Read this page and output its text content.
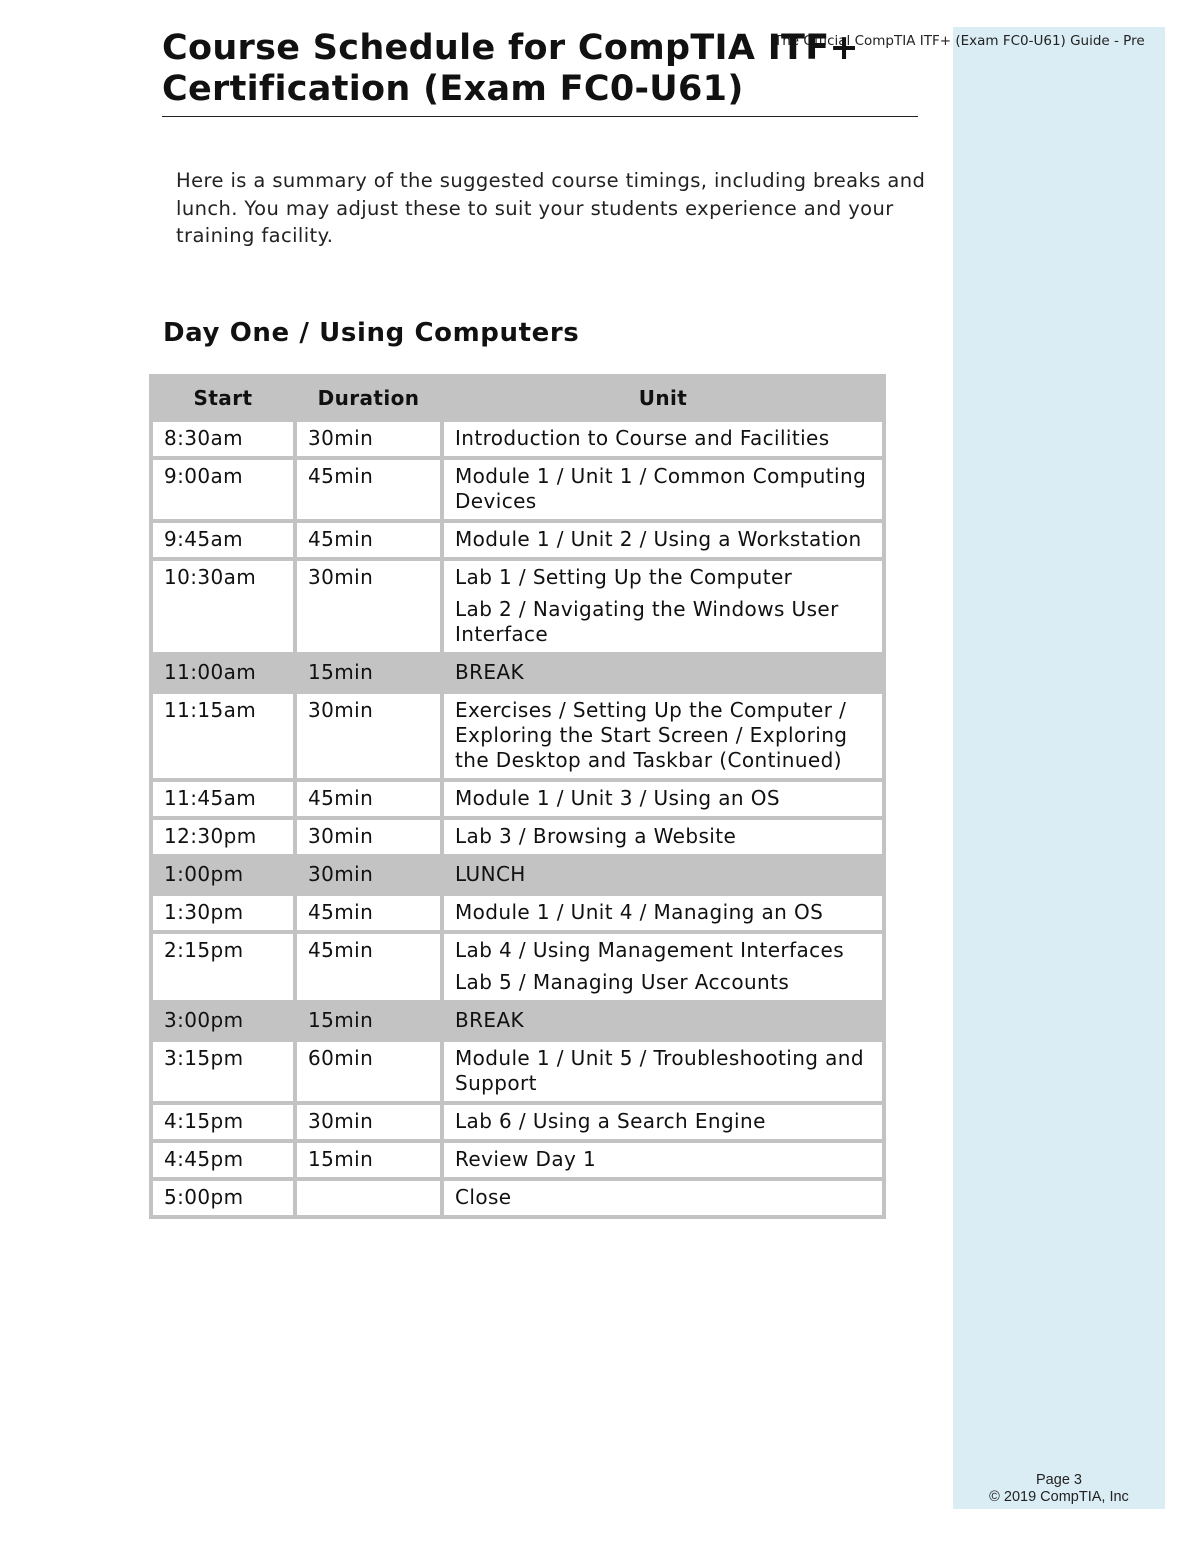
The Official CompTIA ITF+ (Exam FC0-U61) Guide - Pre
Course Schedule for CompTIA ITF+
Certification (Exam FC0-U61)

Here is a summary of the suggested course timings, including breaks and lunch. You may adjust these to suit your students experience and your training facility.

Day One / Using Computers
Start	Duration	Unit
8:30am	30min	Introduction to Course and Facilities

9:00am	45min	Module 1 / Unit 1 / Common Computing Devices

9:45am	45min	Module 1 / Unit 2 / Using a Workstation

10:30am	30min	Lab 1 / Setting Up the Computer
Lab 2 / Navigating the Windows User Interface

11:00am	15min	BREAK

11:15am	30min	Exercises / Setting Up the Computer / Exploring the Start Screen / Exploring the Desktop and Taskbar (Continued)

11:45am	45min	Module 1 / Unit 3 / Using an OS

12:30pm	30min	Lab 3 / Browsing a Website

1:00pm	30min	LUNCH

1:30pm	45min	Module 1 / Unit 4 / Managing an OS

2:15pm	45min	Lab 4 / Using Management Interfaces
Lab 5 / Managing User Accounts

3:00pm	15min	BREAK

3:15pm	60min	Module 1 / Unit 5 / Troubleshooting and Support

4:15pm	30min	Lab 6 / Using a Search Engine

4:45pm	15min	Review Day 1

5:00pm		Close
Page 3
© 2019 CompTIA, Inc
